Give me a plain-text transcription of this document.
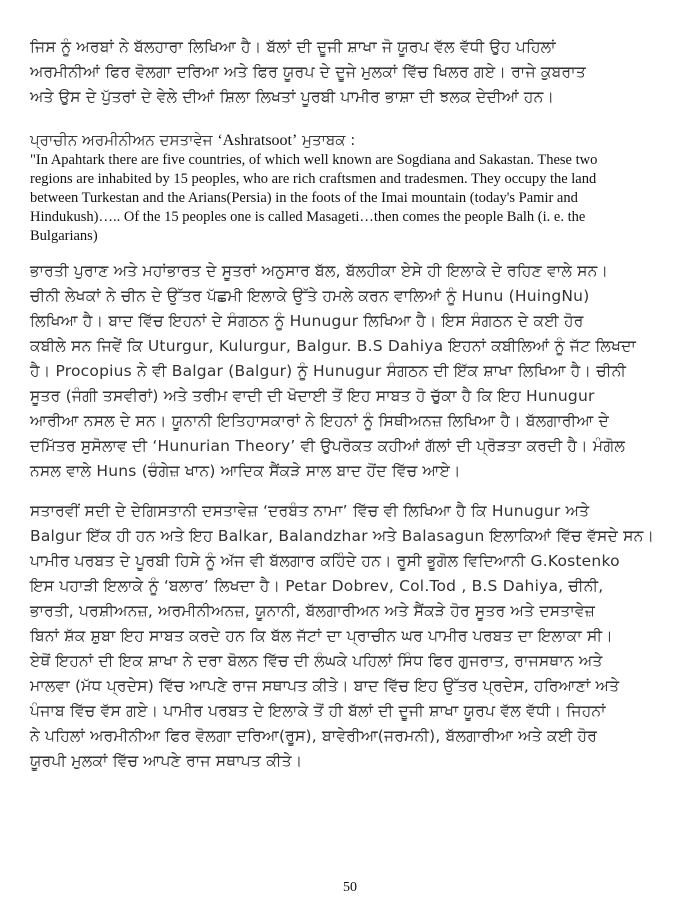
ਜਿਸ ਨੂੰ ਅਰਬਾਂ ਨੇ ਬੱਲਹਾਰਾ ਲਿਖਿਆ ਹੈ। ਬੱਲਾਂ ਦੀ ਦੂਜੀ ਸ਼ਾਖਾ ਜੋ ਯੂਰਪ ਵੱਲ ਵੱਧੀ ਉਹ ਪਹਿਲਾਂ
ਅਰਮੀਨੀਆਂ ਫਿਰ ਵੋਲਗਾ ਦਰਿਆ ਅਤੇ ਫਿਰ ਯੂਰਪ ਦੇ ਦੂਜੇ ਮੁਲਕਾਂ ਵਿੱਚ ਖਿਲਰ ਗਏ। ਰਾਜੇ ਕੁਬਰਾਤ
ਅਤੇ ਉਸ ਦੇ ਪੁੱਤਰਾਂ ਦੇ ਵੇਲੇ ਦੀਆਂ ਸ਼ਿਲਾ ਲਿਖਤਾਂ ਪੂਰਬੀ ਪਾਮੀਰ ਭਾਸ਼ਾ ਦੀ ਝਲਕ ਦੇਦੀਆਂ ਹਨ।
ਪ੍ਰਾਚੀਨ ਅਰਮੀਨੀਅਨ ਦਸਤਾਵੇਜ ‘Ashratsoot’ ਮੁਤਾਬਕ :
"In Apahtark there are five countries, of which well known are Sogdiana and Sakastan. These two
regions are inhabited by 15 peoples, who are rich craftsmen and tradesmen. They occupy the land
between Turkestan and the Arians(Persia) in the foots of the Imai mountain (today's Pamir and
Hindukush)….. Of the 15 peoples one is called Masageti…then comes the people Balh (i. e. the
Bulgarians)
ਭਾਰਤੀ ਪੁਰਾਣ ਅਤੇ ਮਹਾਂਭਾਰਤ ਦੇ ਸੂਤਰਾਂ ਅਨੁਸਾਰ ਬੱਲ, ਬੱਲਹੀਕਾ ਏਸੇ ਹੀ ਇਲਾਕੇ ਦੇ ਰਹਿਣ ਵਾਲੇ ਸਨ।
ਚੀਨੀ ਲੇਖਕਾਂ ਨੇ ਚੀਨ ਦੇ ਉੱਤਰ ਪੱਛਮੀ ਇਲਾਕੇ ਉੱਤੇ ਹਮਲੇ ਕਰਨ ਵਾਲਿਆਂ ਨੂੰ Hunu (HuingNu)
ਲਿਖਿਆ ਹੈ। ਬਾਦ ਵਿੱਚ ਇਹਨਾਂ ਦੇ ਸੰਗਠਨ ਨੂੰ Hunugur ਲਿਖਿਆ ਹੈ। ਇਸ ਸੰਗਠਨ ਦੇ ਕਈ ਹੋਰ
ਕਬੀਲੇ ਸਨ ਜਿਵੇਂ ਕਿ Uturgur, Kulurgur, Balgur. B.S Dahiya ਇਹਨਾਂ ਕਬੀਲਿਆਂ ਨੂੰ ਜੱਟ ਲਿਖਦਾ
ਹੈ। Procopius ਨੇ ਵੀ Balgar (Balgur) ਨੂੰ Hunugur ਸੰਗਠਨ ਦੀ ਇੱਕ ਸ਼ਾਖਾ ਲਿਖਿਆ ਹੈ। ਚੀਨੀ
ਸੂਤਰ (ਜੰਗੀ ਤਸਵੀਰਾਂ) ਅਤੇ ਤਰੀਮ ਵਾਦੀ ਦੀ ਖੋਦਾਈ ਤੋਂ ਇਹ ਸਾਬਤ ਹੋ ਚੁੱਕਾ ਹੈ ਕਿ ਇਹ Hunugur
ਆਰੀਆ ਨਸਲ ਦੇ ਸਨ। ਯੂਨਾਨੀ ਇਤਿਹਾਸਕਾਰਾਂ ਨੇ ਇਹਨਾਂ ਨੂੰ ਸਿਥੀਅਨਜ਼ ਲਿਖਿਆ ਹੈ। ਬੱਲਗਾਰੀਆ ਦੇ
ਦਮਿੱਤਰ ਸੁਸੋਲਾਵ ਦੀ ‘Hunurian Theory’ ਵੀ ਉਪਰੋਕਤ ਕਹੀਆਂ ਗੱਲਾਂ ਦੀ ਪ੍ਰੋੜਤਾ ਕਰਦੀ ਹੈ। ਮੰਗੋਲ
ਨਸਲ ਵਾਲੇ Huns (ਚੰਗੇਜ਼ ਖਾਨ) ਆਦਿਕ ਸੈਂਕੜੇ ਸਾਲ ਬਾਦ ਹੋਂਦ ਵਿੱਚ ਆਏ।
ਸਤਾਰਵੀਂ ਸਦੀ ਦੇ ਦੇਗਿਸਤਾਨੀ ਦਸਤਾਵੇਜ਼ ‘ਦਰਬੰਤ ਨਾਮਾ’ ਵਿੱਚ ਵੀ ਲਿਖਿਆ ਹੈ ਕਿ Hunugur ਅਤੇ
Balgur ਇੱਕ ਹੀ ਹਨ ਅਤੇ ਇਹ Balkar, Balandzhar ਅਤੇ Balasagun ਇਲਾਕਿਆਂ ਵਿੱਚ ਵੱਸਦੇ ਸਨ।
ਪਾਮੀਰ ਪਰਬਤ ਦੇ ਪੂਰਬੀ ਹਿਸੇ ਨੂੰ ਅੱਜ ਵੀ ਬੱਲਗਾਰ ਕਹਿੰਦੇ ਹਨ। ਰੂਸੀ ਭੂਗੋਲ ਵਿਦਿਆਨੀ G.Kostenko
ਇਸ ਪਹਾੜੀ ਇਲਾਕੇ ਨੂੰ ‘ਬਲਾਰ’ ਲਿਖਦਾ ਹੈ। Petar Dobrev, Col.Tod , B.S Dahiya, ਚੀਨੀ,
ਭਾਰਤੀ, ਪਰਸ਼ੀਅਨਜ਼, ਅਰਮੀਨੀਅਨਜ਼, ਯੂਨਾਨੀ, ਬੱਲਗਾਰੀਅਨ ਅਤੇ ਸੈਂਕੜੇ ਹੋਰ ਸੂਤਰ ਅਤੇ ਦਸਤਾਵੇਜ਼
ਬਿਨਾਂ ਸ਼ੱਕ ਸ਼ੁਬਾ ਇਹ ਸਾਬਤ ਕਰਦੇ ਹਨ ਕਿ ਬੱਲ ਜੱਟਾਂ ਦਾ ਪ੍ਰਾਚੀਨ ਘਰ ਪਾਮੀਰ ਪਰਬਤ ਦਾ ਇਲਾਕਾ ਸੀ।
ਏਥੋਂ ਇਹਨਾਂ ਦੀ ਇਕ ਸ਼ਾਖਾ ਨੇ ਦਰਾ ਬੋਲਨ ਵਿੱਚ ਦੀ ਲੰਘਕੇ ਪਹਿਲਾਂ ਸਿੰਧ ਫਿਰ ਗੁਜਰਾਤ, ਰਾਜਸਥਾਨ ਅਤੇ
ਮਾਲਵਾ (ਮੱਧ ਪ੍ਰਦੇਸ) ਵਿੱਚ ਆਪਣੇ ਰਾਜ ਸਥਾਪਤ ਕੀਤੇ। ਬਾਦ ਵਿੱਚ ਇਹ ਉੱਤਰ ਪ੍ਰਦੇਸ, ਹਰਿਆਣਾਂ ਅਤੇ
ਪੰਜਾਬ ਵਿੱਚ ਵੱਸ ਗਏ। ਪਾਮੀਰ ਪਰਬਤ ਦੇ ਇਲਾਕੇ ਤੋਂ ਹੀ ਬੱਲਾਂ ਦੀ ਦੂਜੀ ਸ਼ਾਖਾ ਯੂਰਪ ਵੱਲ ਵੱਧੀ। ਜਿਹਨਾਂ
ਨੇ ਪਹਿਲਾਂ ਅਰਮੀਨੀਆ ਫਿਰ ਵੋਲਗਾ ਦਰਿਆ(ਰੂਸ), ਬਾਵੇਰੀਆ(ਜਰਮਨੀ), ਬੱਲਗਾਰੀਆ ਅਤੇ ਕਈ ਹੋਰ
ਯੂਰਪੀ ਮੁਲਕਾਂ ਵਿੱਚ ਆਪਣੇ ਰਾਜ ਸਥਾਪਤ ਕੀਤੇ।
50
